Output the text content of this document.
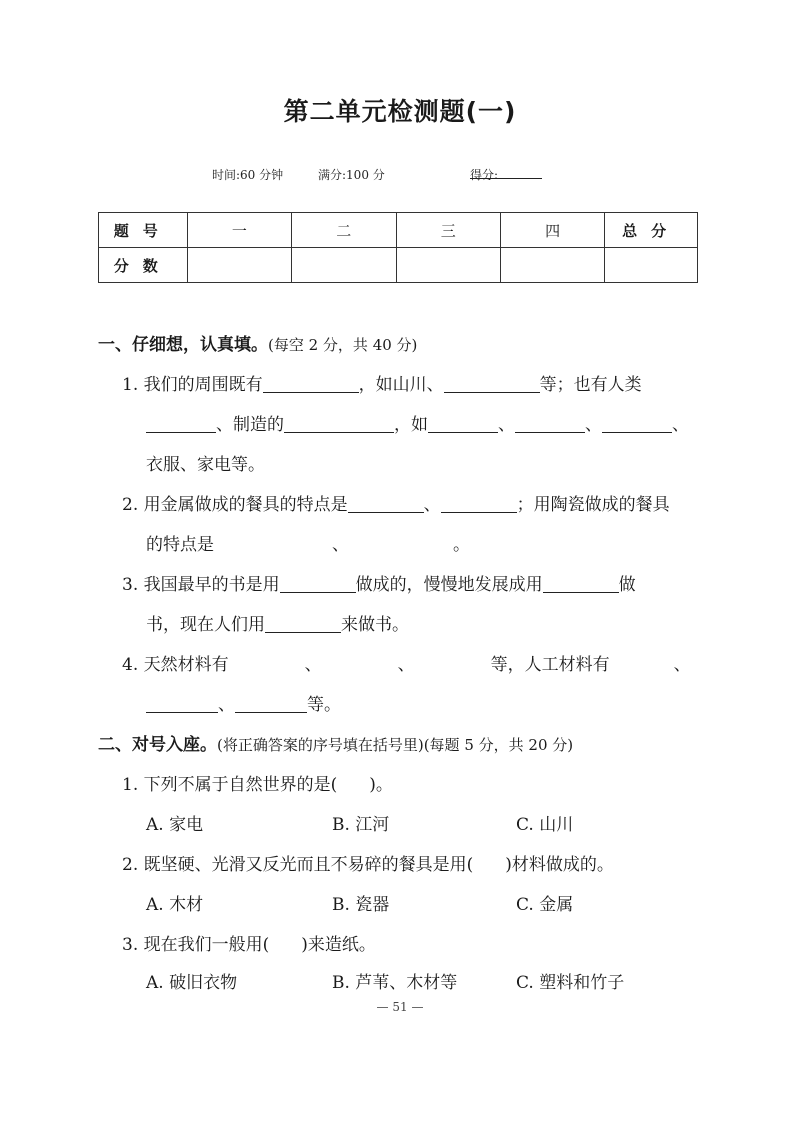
第二单元检测题(一)
时间:60 分钟	满分:100 分	得分:
题号	一	二	三	四	总分
分数					
一、仔细想，认真填。(每空 2 分，共 40 分)
1. 我们的周围既有	，如山川、	等；也有人类
、制造的	，如	、	、	、
衣服、家电等。
2. 用金属做成的餐具的特点是	、	；用陶瓷做成的餐具
的特点是	、	。
3. 我国最早的书是用	做成的，慢慢地发展成用	做
书，现在人们用	来做书。
4. 天然材料有	、	、	等，人工材料有	、
、	等。
二、对号入座。(将正确答案的序号填在括号里)(每题 5 分，共 20 分)
1. 下列不属于自然世界的是( )。
A. 家电	B. 江河	C. 山川
2. 既坚硬、光滑又反光而且不易碎的餐具是用( )材料做成的。
A. 木材	B. 瓷器	C. 金属
3. 现在我们一般用( )来造纸。
A. 破旧衣物	B. 芦苇、木材等	C. 塑料和竹子
— 51 —
